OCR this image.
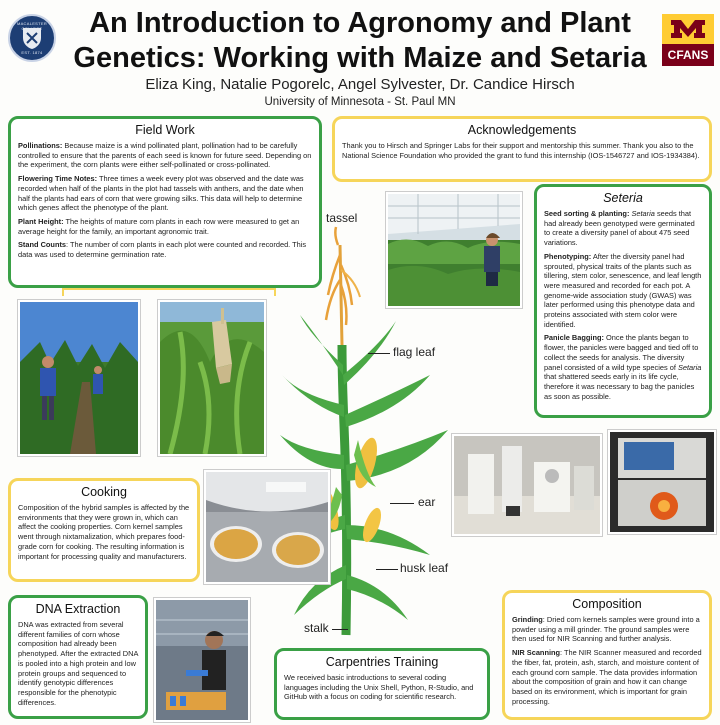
MACALESTER COLLEGE
EST. 1874
An Introduction to Agronomy and Plant Genetics: Working with Maize and Setaria
Eliza King, Natalie Pogorelc, Angel Sylvester, Dr. Candice Hirsch
University of Minnesota - St. Paul MN
CFANS
Field Work

Pollinations: Because maize is a wind pollinated plant, pollination had to be carefully controlled to ensure that the parents of each seed is known for future seed. Depending on the experiment, the corn plants were either self-pollinated or cross-pollinated.

Flowering Time Notes: Three times a week every plot was observed and the date was recorded when half of the plants in the plot had tassels with anthers, and the date when half the plants had ears of corn that were growing silks. This data will help to determine which genes affect the phenotype of the plant.

Plant Height: The heights of mature corn plants in each row were measured to get an average height for the family, an important agronomic trait.

Stand Counts: The number of corn plants in each plot were counted and recorded. This data was used to determine germination rate.

Acknowledgements

Thank you to Hirsch and Springer Labs for their support and mentorship this summer. Thank you also to the National Science Foundation who provided the grant to fund this internship (IOS-1546727 and IOS-1934384).

Seteria

Seed sorting & planting: Setaria seeds that had already been genotyped were germinated to create a diversity panel of about 475 seed variations.

Phenotyping: After the diversity panel had sprouted, physical traits of the plants such as tillering, stem color, senescence, and leaf length were measured and recorded for each pot. A genome-wide association study (GWAS) was later performed using this phenotype data and proteins associated with stem color were identified.

Panicle Bagging: Once the plants began to flower, the panicles were bagged and tied off to collect the seeds for analysis. The diversity panel consisted of a wild type species of Setaria that shattered seeds early in its life cycle, therefore it was necessary to bag the panicles as soon as possible.

tassel
flag leaf
ear
husk leaf
stalk
Cooking

Composition of the hybrid samples is affected by the environments that they were grown in, which can affect the cooking properties. Corn kernel samples went through nixtamalization, which prepares food-grade corn for cooking. The resulting information is important for processing quality and manufacturers.

DNA Extraction

DNA was extracted from several different families of corn whose composition had already been phenotyped. After the extracted DNA is pooled into a high protein and low protein groups and sequenced to identify genotypic differences responsible for the phenotypic differences.

Carpentries Training

We received basic introductions to several coding languages including the Unix Shell, Python, R-Studio, and GitHub with a focus on coding for scientific research.

Composition

Grinding: Dried corn kernels samples were ground into a powder using a mill grinder. The ground samples were then used for NIR Scanning and further analysis.

NIR Scanning: The NIR Scanner measured and recorded the fiber, fat, protein, ash, starch, and moisture content of each ground corn sample. The data provides information about the composition of grain and how it can change based on its environment, which is important for grain processing.
